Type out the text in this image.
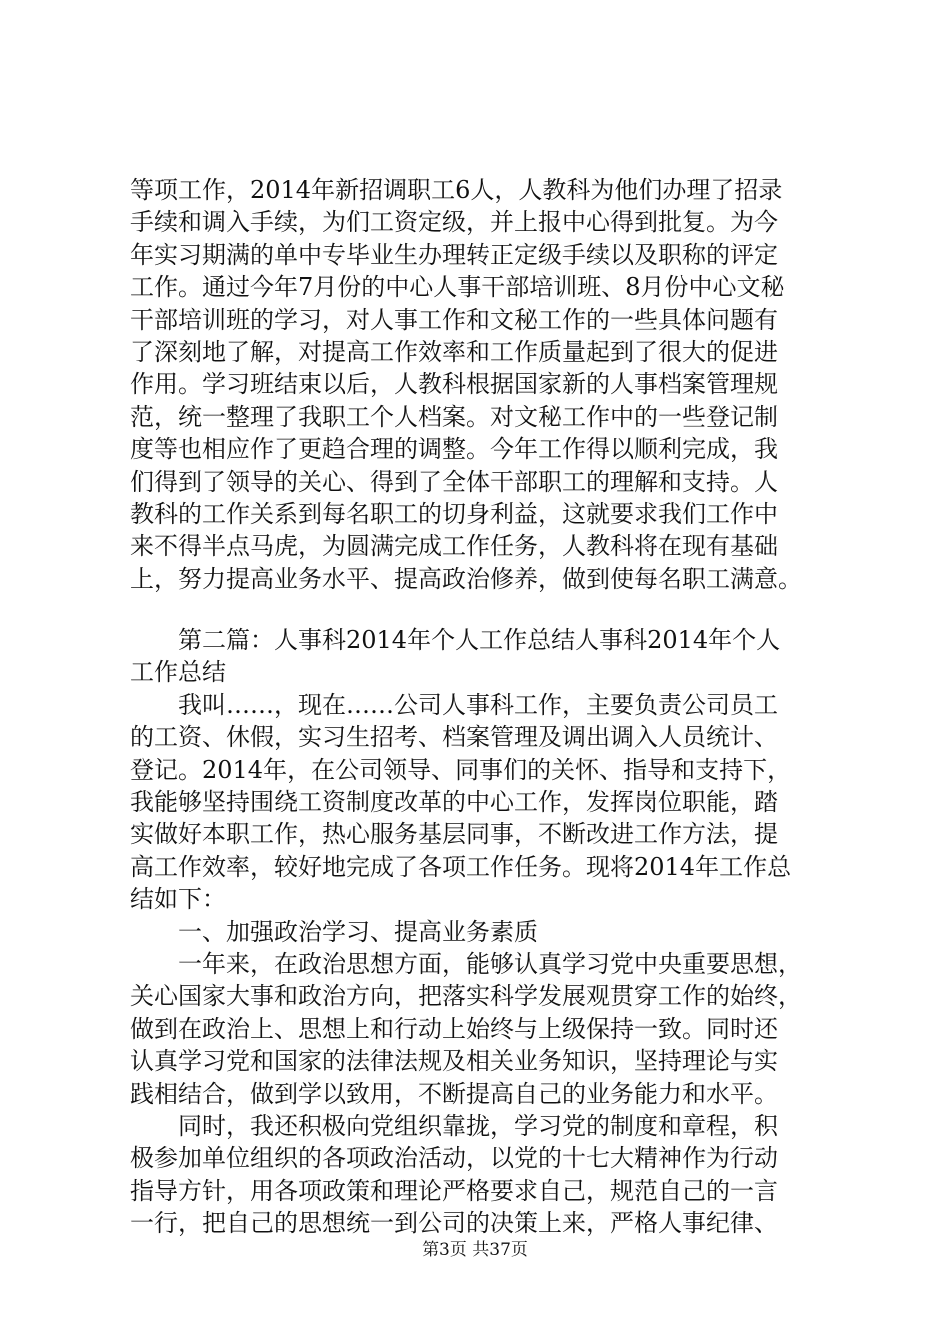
等项工作，2014年新招调职工6人，人教科为他们办理了招录
手续和调入手续，为们工资定级，并上报中心得到批复。为今
年实习期满的单中专毕业生办理转正定级手续以及职称的评定
工作。通过今年7月份的中心人事干部培训班、8月份中心文秘
干部培训班的学习，对人事工作和文秘工作的一些具体问题有
了深刻地了解，对提高工作效率和工作质量起到了很大的促进
作用。学习班结束以后，人教科根据国家新的人事档案管理规
范，统一整理了我职工个人档案。对文秘工作中的一些登记制
度等也相应作了更趋合理的调整。今年工作得以顺利完成，我
们得到了领导的关心、得到了全体干部职工的理解和支持。人
教科的工作关系到每名职工的切身利益，这就要求我们工作中
来不得半点马虎，为圆满完成工作任务，人教科将在现有基础
上，努力提高业务水平、提高政治修养，做到使每名职工满意。
第二篇：人事科2014年个人工作总结人事科2014年个人
工作总结
我叫……，现在……公司人事科工作，主要负责公司员工
的工资、休假，实习生招考、档案管理及调出调入人员统计、
登记。2014年，在公司领导、同事们的关怀、指导和支持下，
我能够坚持围绕工资制度改革的中心工作，发挥岗位职能，踏
实做好本职工作，热心服务基层同事，不断改进工作方法，提
高工作效率，较好地完成了各项工作任务。现将2014年工作总
结如下：
一、加强政治学习、提高业务素质
一年来，在政治思想方面，能够认真学习党中央重要思想，
关心国家大事和政治方向，把落实科学发展观贯穿工作的始终，
做到在政治上、思想上和行动上始终与上级保持一致。同时还
认真学习党和国家的法律法规及相关业务知识，坚持理论与实
践相结合，做到学以致用，不断提高自己的业务能力和水平。
同时，我还积极向党组织靠拢，学习党的制度和章程，积
极参加单位组织的各项政治活动，以党的十七大精神作为行动
指导方针，用各项政策和理论严格要求自己，规范自己的一言
一行，把自己的思想统一到公司的决策上来，严格人事纪律、
第3页 共37页
